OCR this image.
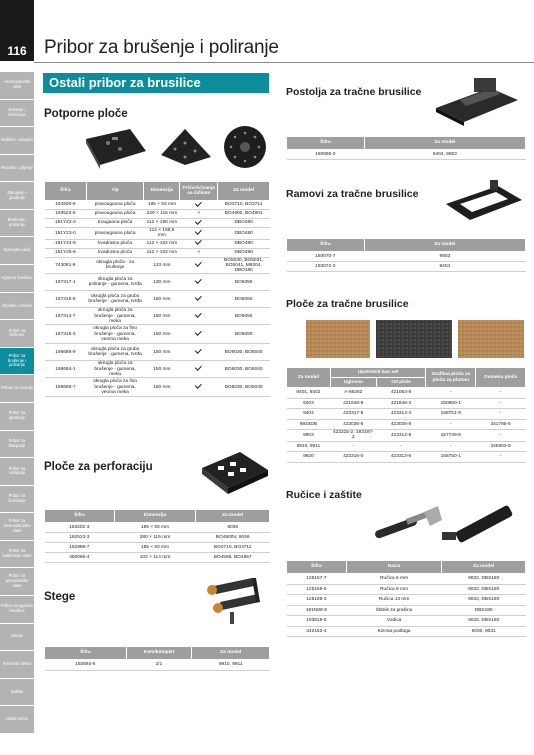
116 Pribor za brušenje i poliranje
Akumulatorski alati
Bušenje i čekićanje
Bušilice i odvijači
Rezanje i piljenje
Blanjanje i glodanje
Brušenje i poliranje
Specijalni alati
Ugaone brusilice
Glodala i noževi
Pribor za bušenje
Pribor za brušenje i poliranje
Pribor za rezanje
Pribor za glodanje
Pribor za blanjanje
Pribor za odvijanje
Pribor za čekićanje
Pribor za akumulatorske alate
Pribor za baštenske alate
Pribor za pneumatske alate
Pribor za ugaone brusilice
Ostalo
Rezervni delovi
Zaštita
Ostali pribor
Ostali pribor za brusilice
Potporne ploče
Šifra	Tip	Dimenzija	Pričvršćivanje sa čičkom	Za model
194930-6	pravougaona ploča	185 × 93 mm		BO3710, BO3711
193523-6	pravougaona ploča	229 × 115 mm	×	BO4900, BO4901
191Y22-2	trougaona ploča	112 × 190 mm		DBO480
191Y23-0	pravougaona ploča	112 × 158,5 mm		DBO480
191Y24-8	kvadratna ploča	112 × 102 mm		DBO480
191Y25-6	kvadratna ploča	112 × 102 mm	×	DBO480
743081-8	okrugla ploča - za brušenje	123 mm		BO5030, BO5031, BO5041, M9204, DBO180
197317-1	okrugla ploča za poliranje - gumena, tvrđa	130 mm		BO6050
197315-5	okrugla ploča za grubo brušenje - gumena, tvrđa	150 mm		BO6050
197314-7	okrugla ploča za brušenje - gumena, meka	150 mm		BO6050
197316-3	okrugla ploča za fino brušenje - gumena, veoma meka	150 mm		BO6050
196685-9	okrugla ploča za grubo brušenje - gumena, tvrđa	150 mm		BO6030, BO6040
196684-1	okrugla ploča za brušenje - gumena, meka	150 mm		BO6030, BO6040
196686-7	okrugla ploča za fino brušenje - gumena, veoma meka	150 mm		BO6030, BO6040
Ploče za perforaciju
Šifra	Dimenzija	Za model
163202-3	185 × 93 mm	9036
162523-3	280 × 115 mm	BO4900V, 9046
152989-7	185 × 93 mm	BO3710, BO3711
450066-4	102 × 114 mm	BO4555, BO4557
Stege
Šifra	Kom/komplet	Za model
192684-6	2/1	9910, 9911
Postolja za tračne brusilice
Šifra	Za model
150055-3	9404, 9903
Ramovi za tračne brusilice
Šifra	Za model
193070-7	9903
193072-3	9404
Ploče za tračne brusilice
Za model	Upotrebiti kao set		Grafitna ploča za ploču za plutom	Gumena ploča
	Uglovna	Od plute		
9401, 9402	A-86262	421053-8	-	-
9403	421648-9	421646-3	150980-1	-
9404	423317-8	423314-4	158751-9	-
9924DB	423036-6	423035-8	-	341795-6
9903	423315-2, 193197-3	423312-8	157749-6	-
9910, 9911	-	-	-	345503-9
9920	423316-0	423313-6	158750-1	-
Ručice i zaštite
Šifra	Naziv	Za model
125157-7	Ručica 6 mm	9032, DBS180
125158-5	Ručica 9 mm	9032, DBS180
125159-3	Ručica 13 mm	9032, DBS180
191N88-8	Štitnik za prašinu	DBS180
193818-5	Vodica	9032, DBS180
342152-4	Kiznsa podloga	9030, 9031
